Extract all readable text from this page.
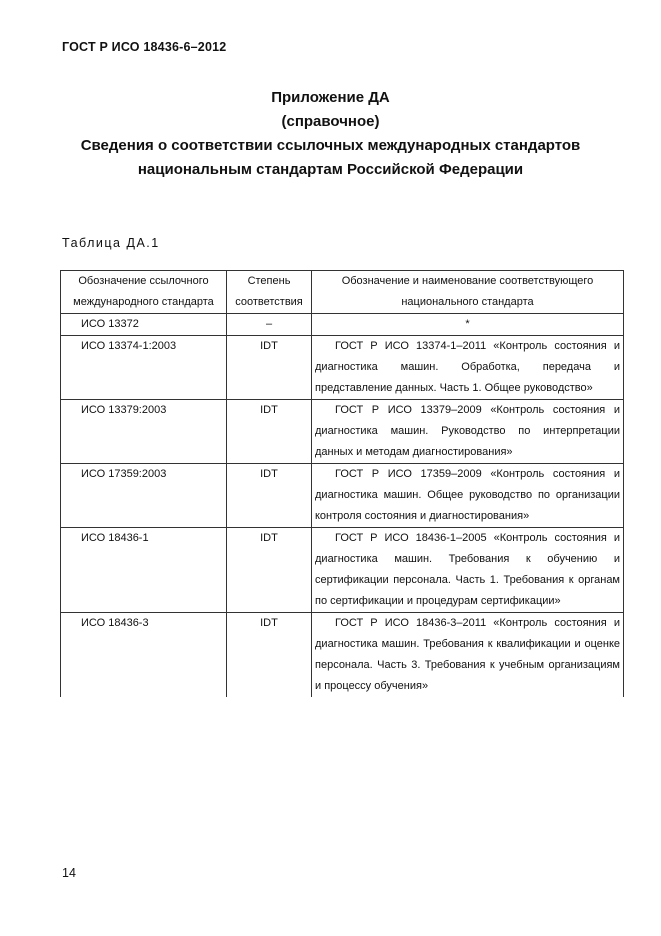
ГОСТ Р ИСО 18436-6–2012
Приложение ДА
(справочное)
Сведения о соответствии ссылочных международных стандартов
национальным стандартам Российской Федерации
Таблица ДА.1
Обозначение ссылочного международного стандарта	Степень соответствия	Обозначение и наименование соответствующего национального стандарта
ИСО 13372	–	*
ИСО 13374-1:2003	IDT	ГОСТ Р ИСО 13374-1–2011 «Контроль состояния и диагностика машин. Обработка, передача и представление данных. Часть 1. Общее руководство»
ИСО 13379:2003	IDT	ГОСТ Р ИСО 13379–2009 «Контроль состояния и диагностика машин. Руководство по интерпретации данных и методам диагностирования»
ИСО 17359:2003	IDT	ГОСТ Р ИСО 17359–2009 «Контроль состояния и диагностика машин. Общее руководство по организации контроля состояния и диагностирования»
ИСО 18436-1	IDT	ГОСТ Р ИСО 18436-1–2005 «Контроль состояния и диагностика машин. Требования к обучению и сертификации персонала. Часть 1. Требования к органам по сертификации и процедурам сертификации»
ИСО 18436-3	IDT	ГОСТ Р ИСО 18436-3–2011 «Контроль состояния и диагностика машин. Требования к квалификации и оценке персонала. Часть 3. Требования к учебным организациям и процессу обучения»
14
